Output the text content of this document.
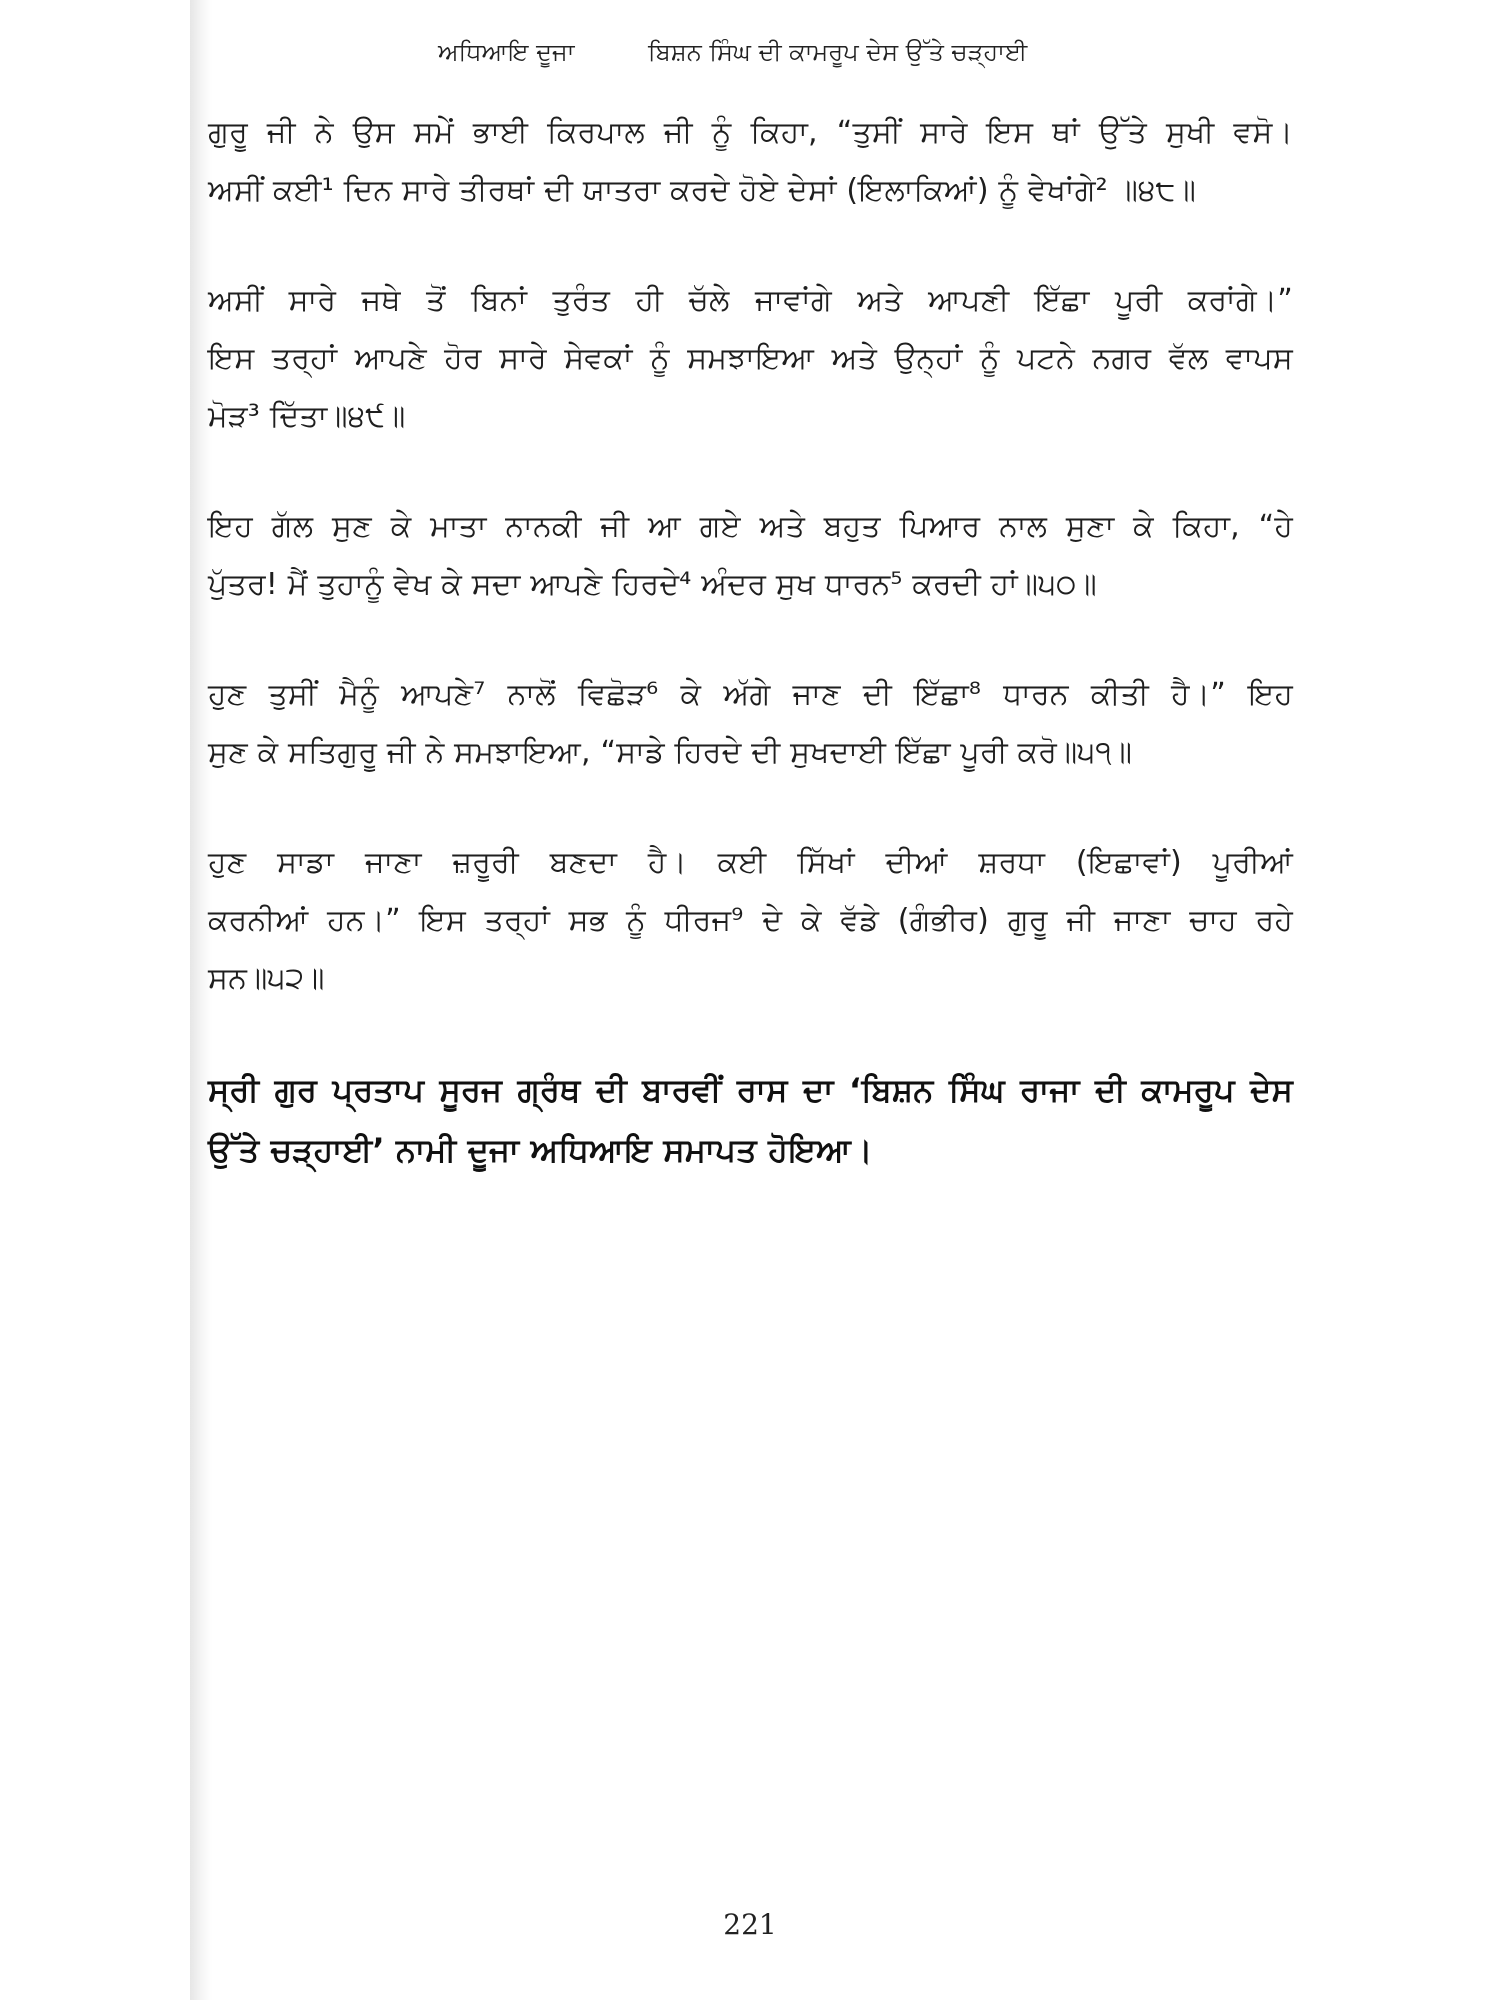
ਅਧਿਆਇ ਦੂਜਾ	ਬਿਸ਼ਨ ਸਿੰਘ ਦੀ ਕਾਮਰੂਪ ਦੇਸ ਉੱਤੇ ਚੜ੍ਹਾਈ
ਗੁਰੂ ਜੀ ਨੇ ਉਸ ਸਮੇਂ ਭਾਈ ਕਿਰਪਾਲ ਜੀ ਨੂੰ ਕਿਹਾ, “ਤੁਸੀਂ ਸਾਰੇ ਇਸ ਥਾਂ ਉੱਤੇ ਸੁਖੀ ਵਸੋ।
ਅਸੀਂ ਕਈ¹ ਦਿਨ ਸਾਰੇ ਤੀਰਥਾਂ ਦੀ ਯਾਤਰਾ ਕਰਦੇ ਹੋਏ ਦੇਸਾਂ (ਇਲਾਕਿਆਂ) ਨੂੰ ਵੇਖਾਂਗੇ² ॥੪੮॥
ਅਸੀਂ ਸਾਰੇ ਜਥੇ ਤੋਂ ਬਿਨਾਂ ਤੁਰੰਤ ਹੀ ਚੱਲੇ ਜਾਵਾਂਗੇ ਅਤੇ ਆਪਣੀ ਇੱਛਾ ਪੂਰੀ ਕਰਾਂਗੇ।”
ਇਸ ਤਰ੍ਹਾਂ ਆਪਣੇ ਹੋਰ ਸਾਰੇ ਸੇਵਕਾਂ ਨੂੰ ਸਮਝਾਇਆ ਅਤੇ ਉਨ੍ਹਾਂ ਨੂੰ ਪਟਨੇ ਨਗਰ ਵੱਲ ਵਾਪਸ
ਮੋੜ³ ਦਿੱਤਾ॥੪੯॥
ਇਹ ਗੱਲ ਸੁਣ ਕੇ ਮਾਤਾ ਨਾਨਕੀ ਜੀ ਆ ਗਏ ਅਤੇ ਬਹੁਤ ਪਿਆਰ ਨਾਲ ਸੁਣਾ ਕੇ ਕਿਹਾ, “ਹੇ
ਪੁੱਤਰ! ਮੈਂ ਤੁਹਾਨੂੰ ਵੇਖ ਕੇ ਸਦਾ ਆਪਣੇ ਹਿਰਦੇ⁴ ਅੰਦਰ ਸੁਖ ਧਾਰਨ⁵ ਕਰਦੀ ਹਾਂ॥੫੦॥
ਹੁਣ ਤੁਸੀਂ ਮੈਨੂੰ ਆਪਣੇ⁷ ਨਾਲੋਂ ਵਿਛੋੜ⁶ ਕੇ ਅੱਗੇ ਜਾਣ ਦੀ ਇੱਛਾ⁸ ਧਾਰਨ ਕੀਤੀ ਹੈ।” ਇਹ
ਸੁਣ ਕੇ ਸਤਿਗੁਰੂ ਜੀ ਨੇ ਸਮਝਾਇਆ, “ਸਾਡੇ ਹਿਰਦੇ ਦੀ ਸੁਖਦਾਈ ਇੱਛਾ ਪੂਰੀ ਕਰੋ॥੫੧॥
ਹੁਣ ਸਾਡਾ ਜਾਣਾ ਜ਼ਰੂਰੀ ਬਣਦਾ ਹੈ। ਕਈ ਸਿੱਖਾਂ ਦੀਆਂ ਸ਼ਰਧਾ (ਇਛਾਵਾਂ) ਪੂਰੀਆਂ
ਕਰਨੀਆਂ ਹਨ।” ਇਸ ਤਰ੍ਹਾਂ ਸਭ ਨੂੰ ਧੀਰਜ⁹ ਦੇ ਕੇ ਵੱਡੇ (ਗੰਭੀਰ) ਗੁਰੂ ਜੀ ਜਾਣਾ ਚਾਹ ਰਹੇ
ਸਨ॥੫੨॥
ਸ੍ਰੀ ਗੁਰ ਪ੍ਰਤਾਪ ਸੂਰਜ ਗ੍ਰੰਥ ਦੀ ਬਾਰਵੀਂ ਰਾਸ ਦਾ ‘ਬਿਸ਼ਨ ਸਿੰਘ ਰਾਜਾ ਦੀ ਕਾਮਰੂਪ ਦੇਸ
ਉੱਤੇ ਚੜ੍ਹਾਈ’ ਨਾਮੀ ਦੂਜਾ ਅਧਿਆਇ ਸਮਾਪਤ ਹੋਇਆ।
221
